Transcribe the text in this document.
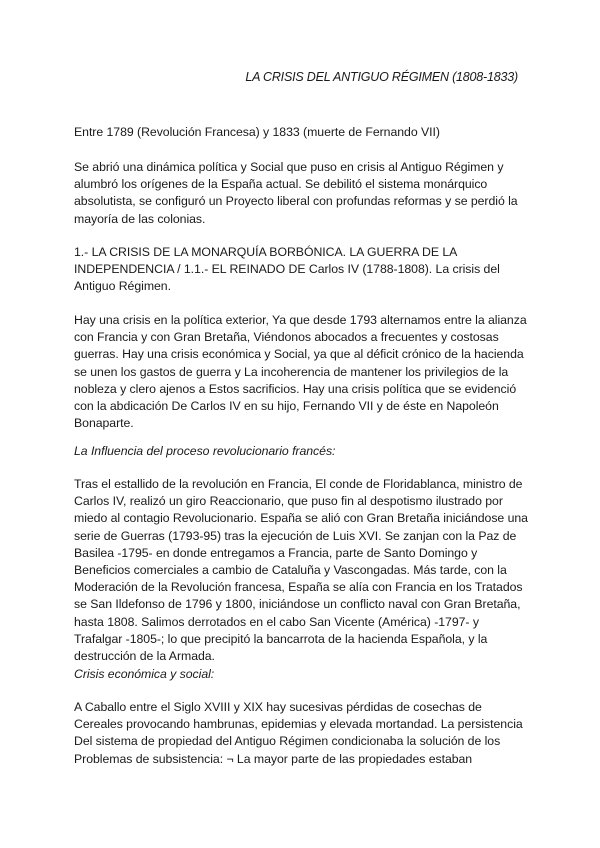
LA CRISIS DEL ANTIGUO RÉGIMEN (1808-1833)

Entre 1789 (Revolución Francesa) y 1833 (muerte de Fernando VII)

Se abrió una dinámica política y Social que puso en crisis al Antiguo Régimen y alumbró los orígenes de la España actual. Se debilitó el sistema monárquico absolutista, se configuró un Proyecto liberal con profundas reformas y se perdió la mayoría de las colonias.

1.- LA CRISIS DE LA MONARQUÍA BORBÓNICA. LA GUERRA DE LA INDEPENDENCIA / 1.1.- EL REINADO DE Carlos IV (1788-1808). La crisis del Antiguo Régimen.

Hay una crisis en la política exterior, Ya que desde 1793 alternamos entre la alianza con Francia y con Gran Bretaña, Viéndonos abocados a frecuentes y costosas guerras. Hay una crisis económica y Social, ya que al déficit crónico de la hacienda se unen los gastos de guerra y La incoherencia de mantener los privilegios de la nobleza y clero ajenos a Estos sacrificios. Hay una crisis política que se evidenció con la abdicación De Carlos IV en su hijo, Fernando VII y de éste en Napoleón Bonaparte.

La Influencia del proceso revolucionario francés:

Tras el estallido de la revolución en Francia, El conde de Floridablanca, ministro de Carlos IV, realizó un giro Reaccionario, que puso fin al despotismo ilustrado por miedo al contagio Revolucionario. España se alió con Gran Bretaña iniciándose una serie de Guerras (1793-95) tras la ejecución de Luis XVI. Se zanjan con la Paz de Basilea -1795- en donde entregamos a Francia, parte de Santo Domingo y Beneficios comerciales a cambio de Cataluña y Vascongadas. Más tarde, con la Moderación de la Revolución francesa, España se alía con Francia en los Tratados se San Ildefonso de 1796 y 1800, iniciándose un conflicto naval con Gran Bretaña, hasta 1808. Salimos derrotados en el cabo San Vicente (América) -1797- y Trafalgar -1805-; lo que precipitó la bancarrota de la hacienda Española, y la destrucción de la Armada.

Crisis económica y social:

A Caballo entre el Siglo XVIII y XIX hay sucesivas pérdidas de cosechas de Cereales provocando hambrunas, epidemias y elevada mortandad. La persistencia Del sistema de propiedad del Antiguo Régimen condicionaba la solución de los Problemas de subsistencia: ¬ La mayor parte de las propiedades estaban
